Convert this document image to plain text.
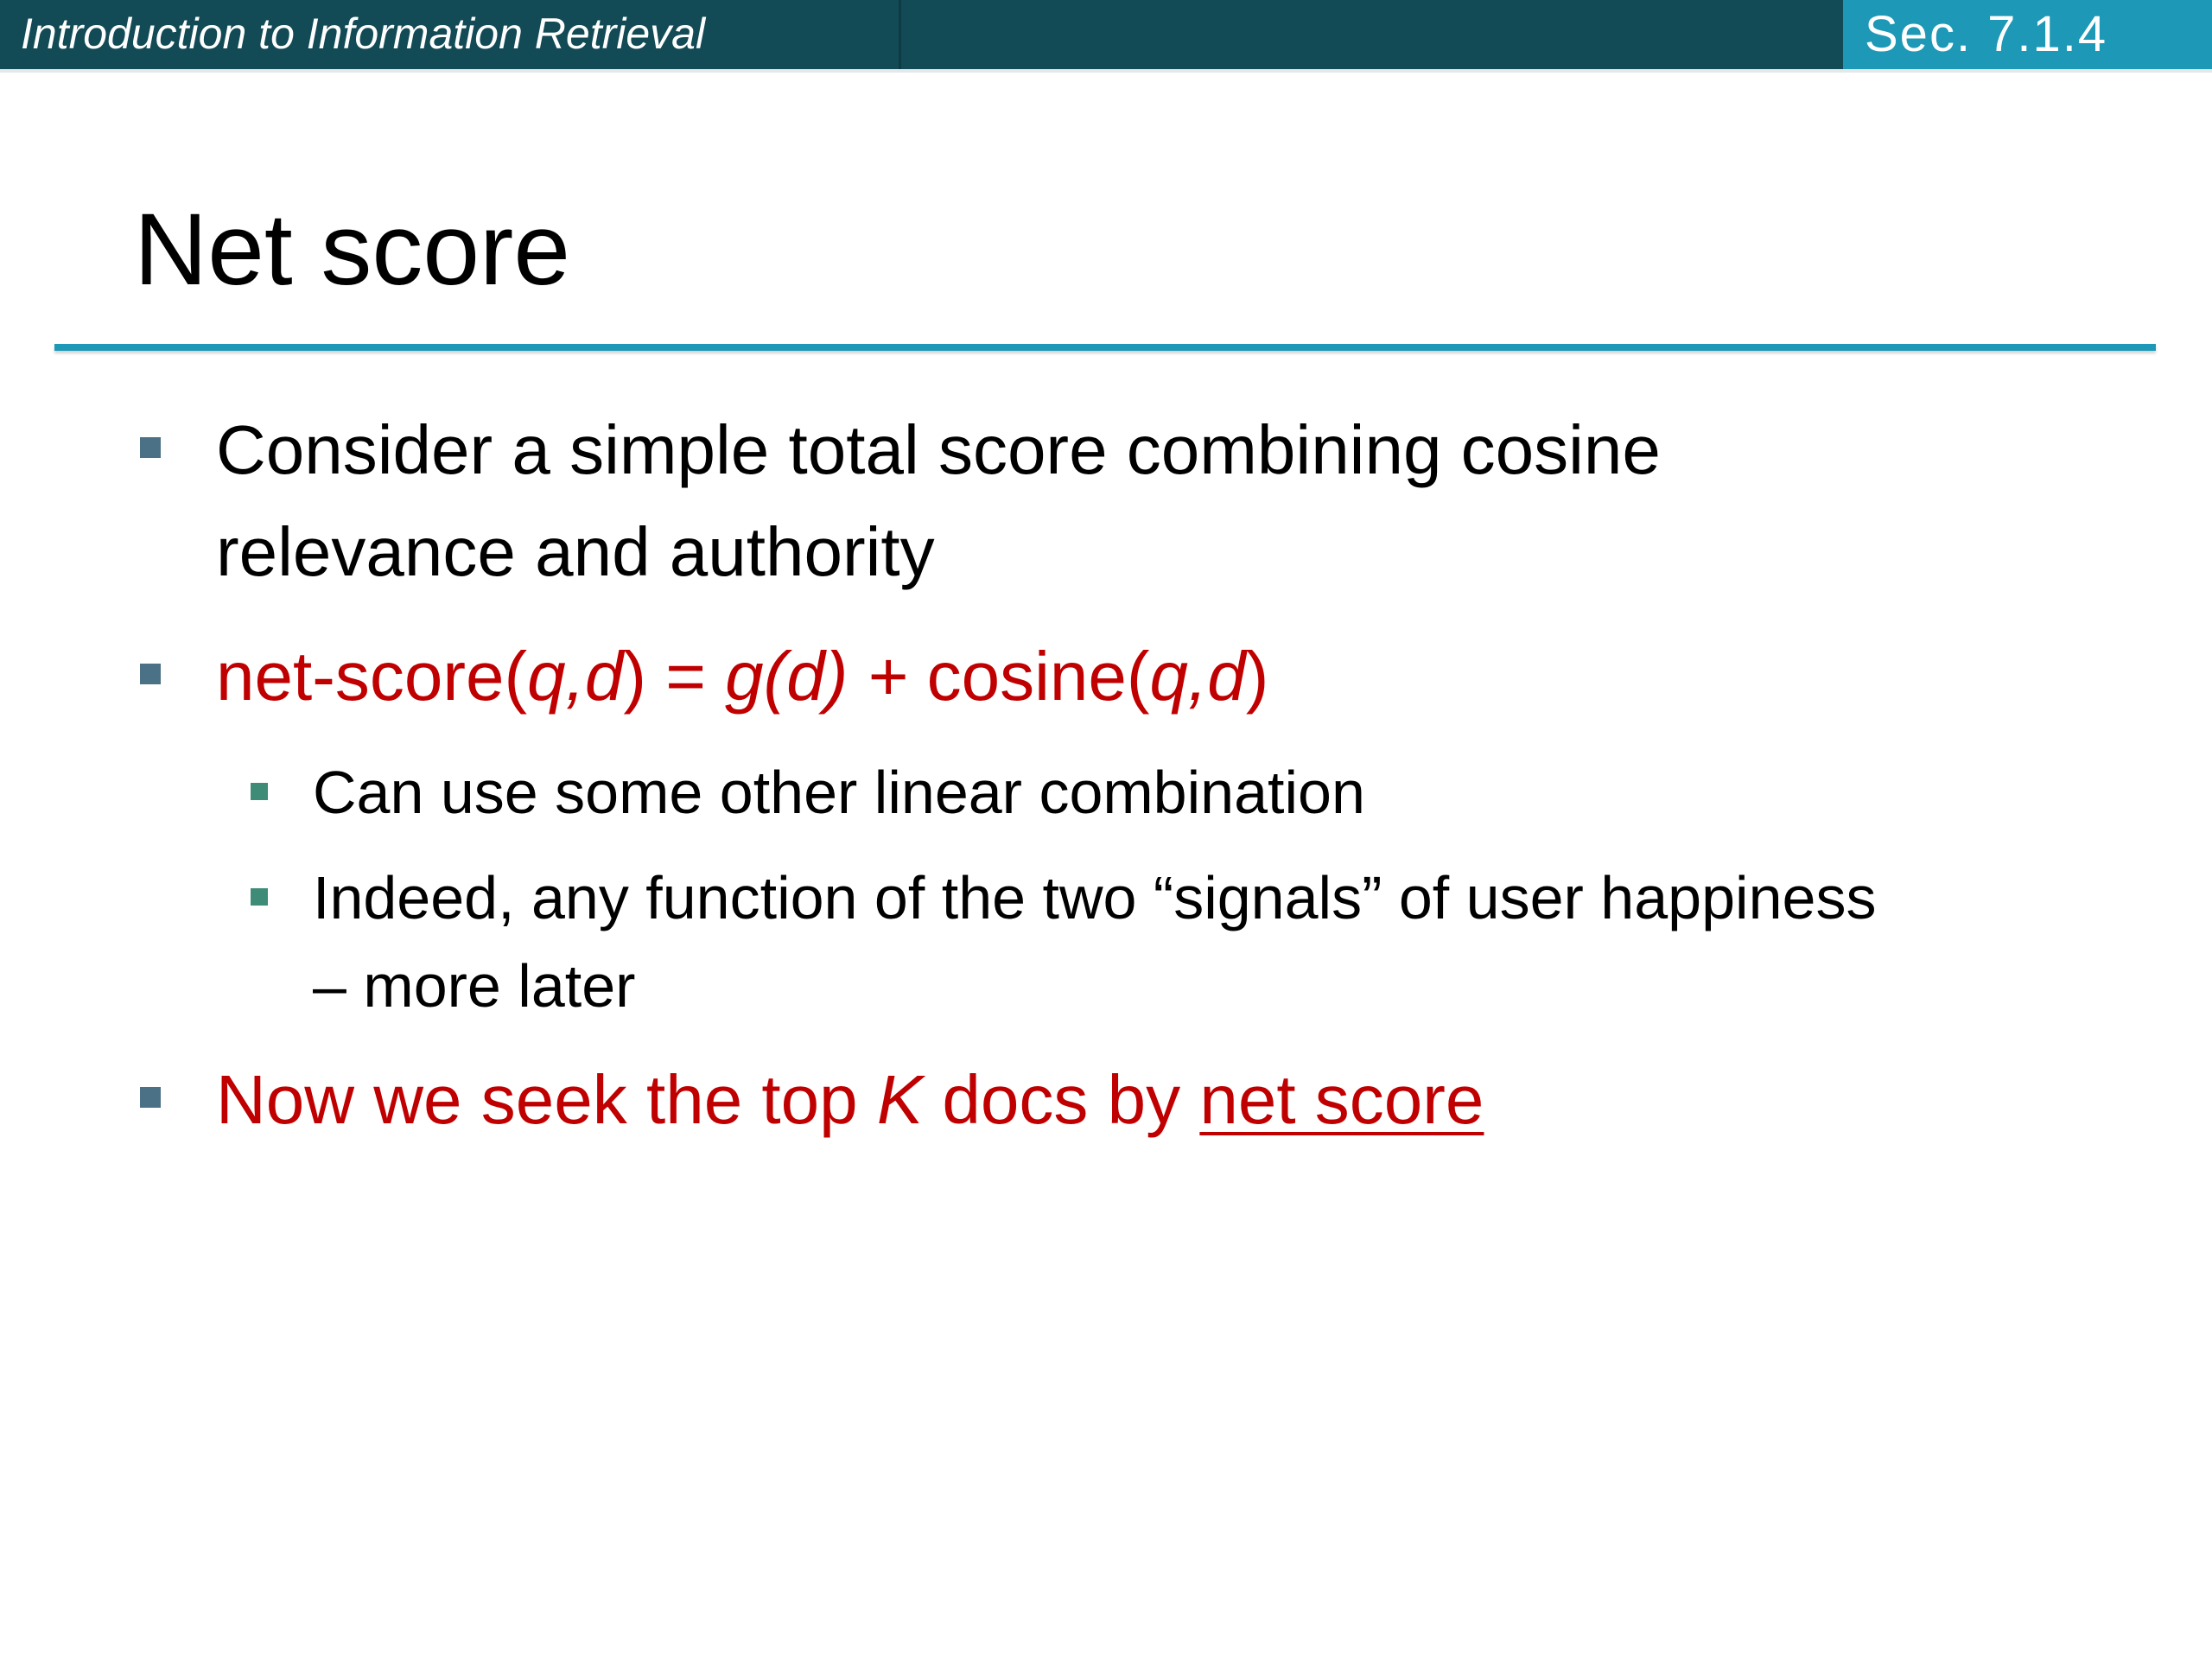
Introduction to Information Retrieval	Sec. 7.1.4
Net score
Consider a simple total score combining cosine
relevance and authority
net-score(q,d) = g(d) + cosine(q,d)
Can use some other linear combination
Indeed, any function of the two “signals” of user happiness
– more later
Now we seek the top K docs by net score
